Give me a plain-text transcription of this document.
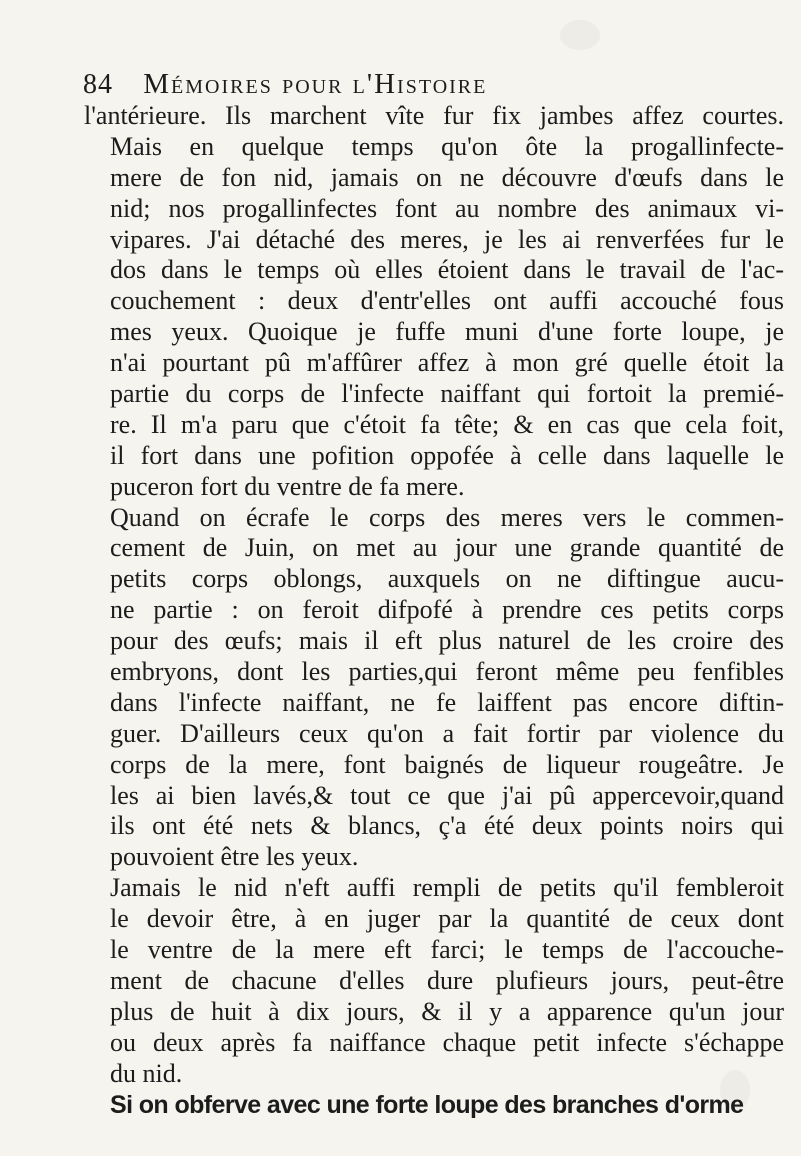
84 Mémoires pour l'Histoire
l'antérieure. Ils marchent vîte fur fix jambes affez courtes.
Mais en quelque temps qu'on ôte la progallinfecte-
mere de fon nid, jamais on ne découvre d'œufs dans le
nid; nos progallinfectes font au nombre des animaux vi-
vipares. J'ai détaché des meres, je les ai renverfées fur le
dos dans le temps où elles étoient dans le travail de l'ac-
couchement : deux d'entr'elles ont auffi accouché fous
mes yeux. Quoique je fuffe muni d'une forte loupe, je
n'ai pourtant pû m'affûrer affez à mon gré quelle étoit la
partie du corps de l'infecte naiffant qui fortoit la premié-
re. Il m'a paru que c'étoit fa tête; & en cas que cela foit,
il fort dans une pofition oppofée à celle dans laquelle le
puceron fort du ventre de fa mere.
Quand on écrafe le corps des meres vers le commen-
cement de Juin, on met au jour une grande quantité de
petits corps oblongs, auxquels on ne diftingue aucu-
ne partie : on feroit difpofé à prendre ces petits corps
pour des œufs; mais il eft plus naturel de les croire des
embryons, dont les parties,qui feront même peu fenfibles
dans l'infecte naiffant, ne fe laiffent pas encore diftin-
guer. D'ailleurs ceux qu'on a fait fortir par violence du
corps de la mere, font baignés de liqueur rougeâtre. Je
les ai bien lavés,& tout ce que j'ai pû appercevoir,quand
ils ont été nets & blancs, ç'a été deux points noirs qui
pouvoient être les yeux.
Jamais le nid n'eft auffi rempli de petits qu'il fembleroit
le devoir être, à en juger par la quantité de ceux dont
le ventre de la mere eft farci; le temps de l'accouche-
ment de chacune d'elles dure plufieurs jours, peut-être
plus de huit à dix jours, & il y a apparence qu'un jour
ou deux après fa naiffance chaque petit infecte s'échappe
du nid.
Si on obferve avec une forte loupe des branches d'orme
